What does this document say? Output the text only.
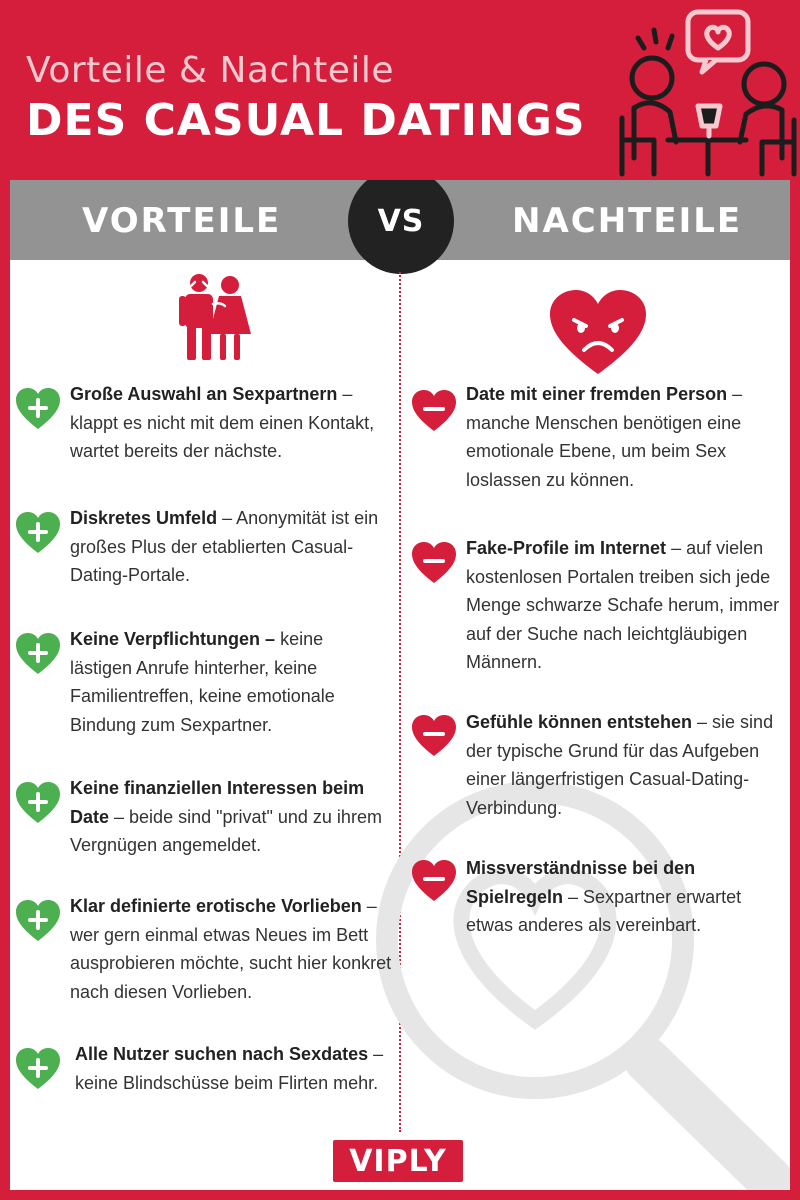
Vorteile & Nachteile
DES CASUAL DATINGS
VORTEILE	NACHTEILE
VS
Große Auswahl an Sexpartnern – klappt es nicht mit dem einen Kontakt, wartet bereits der nächste.
Diskretes Umfeld – Anonymität ist ein großes Plus der etablierten Casual-Dating-Portale.
Keine Verpflichtungen – keine lästigen Anrufe hinterher, keine Familientreffen, keine emotionale Bindung zum Sexpartner.
Keine finanziellen Interessen beim Date – beide sind "privat" und zu ihrem Vergnügen angemeldet.
Klar definierte erotische Vorlieben – wer gern einmal etwas Neues im Bett ausprobieren möchte, sucht hier konkret nach diesen Vorlieben.
Alle Nutzer suchen nach Sexdates – keine Blindschüsse beim Flirten mehr.
Date mit einer fremden Person – manche Menschen benötigen eine emotionale Ebene, um beim Sex loslassen zu können.
Fake-Profile im Internet – auf vielen kostenlosen Portalen treiben sich jede Menge schwarze Schafe herum, immer auf der Suche nach leichtgläubigen Männern.
Gefühle können entstehen – sie sind der typische Grund für das Aufgeben einer längerfristigen Casual-Dating-Verbindung.
Missverständnisse bei den Spielregeln – Sexpartner erwartet etwas anderes als vereinbart.
VIPLY
